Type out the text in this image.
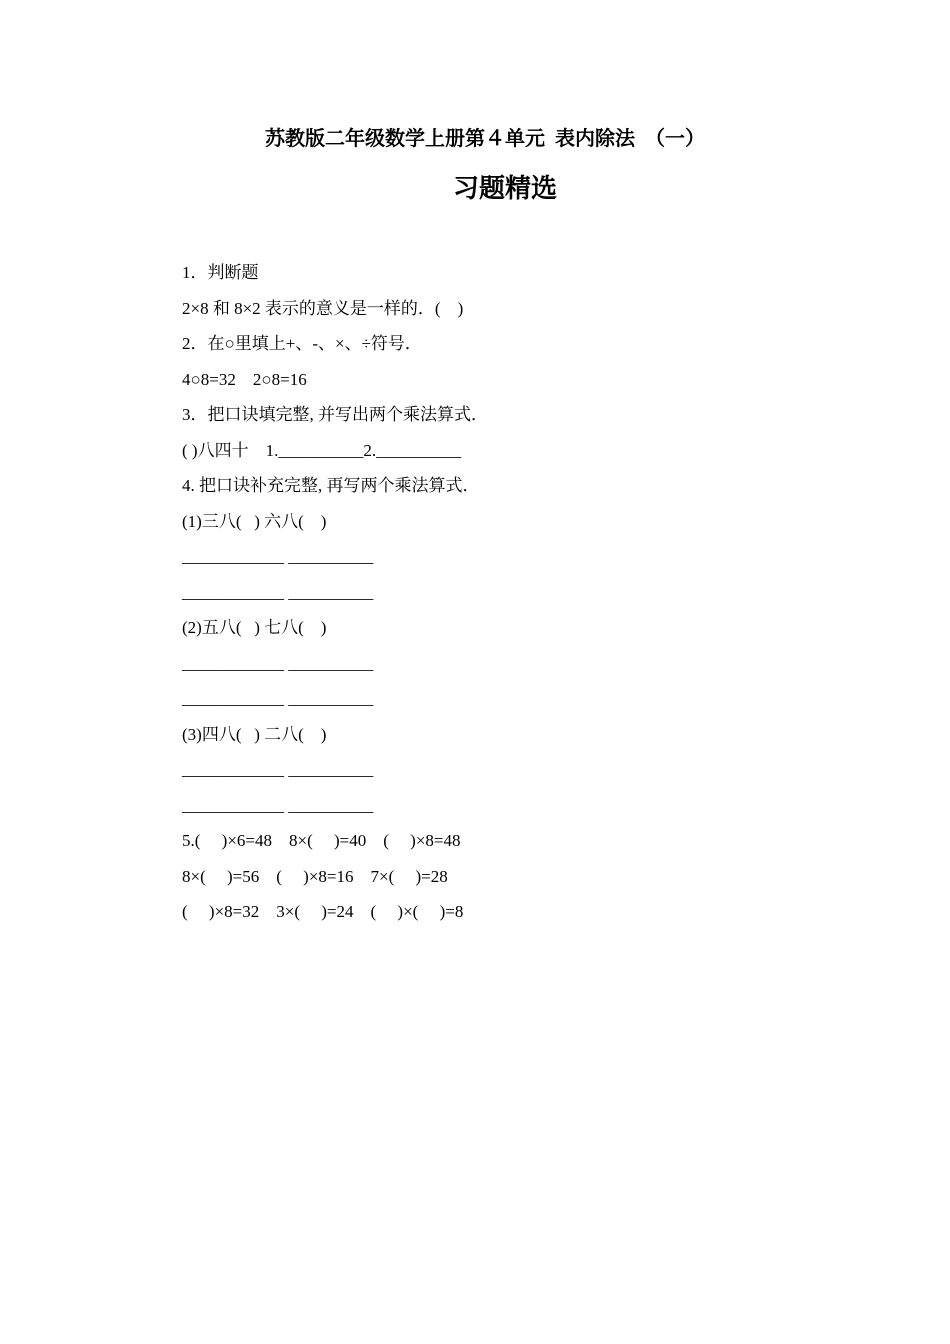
苏教版二年级数学上册第４单元  表内除法  （一）
习题精选
1．判断题
2×8 和 8×2 表示的意义是一样的．(    )
2．在○里填上+、-、×、÷符号．
4○8=32    2○8=16
3．把口诀填完整, 并写出两个乘法算式．
( )八四十    1.__________2.__________
4. 把口诀补充完整, 再写两个乘法算式．
(1)三八(   ) 六八(    )
____________ __________
____________ __________
(2)五八(   ) 七八(    )
____________ __________
____________ __________
(3)四八(   ) 二八(    )
____________ __________
____________ __________
5.(     )×6=48    8×(     )=40    (     )×8=48
8×(     )=56    (     )×8=16    7×(     )=28
(     )×8=32    3×(     )=24    (     )×(     )=8
